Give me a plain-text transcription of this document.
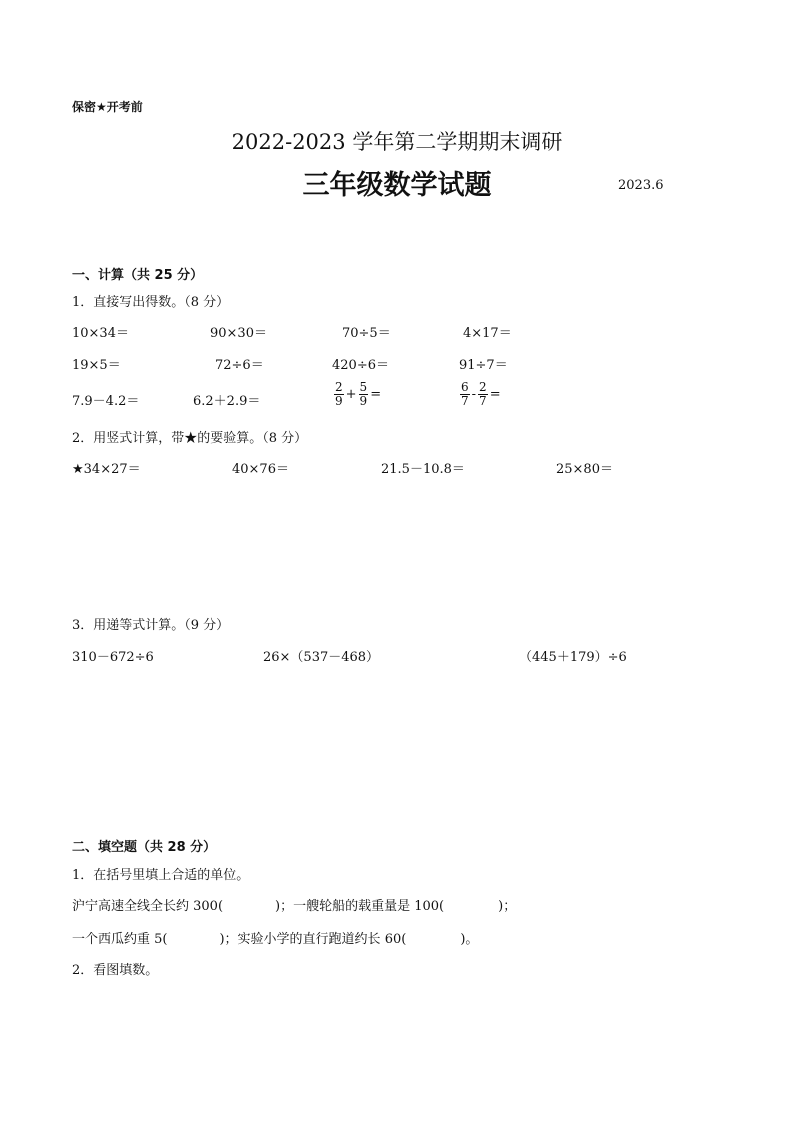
保密★开考前
2022-2023 学年第二学期期末调研
三年级数学试题	2023.6
一、计算（共 25 分）
1．直接写出得数。（8 分）
10×34＝	90×30＝	70÷5＝	4×17＝
19×5＝	72÷6＝	420÷6＝	91÷7＝
7.9－4.2＝	6.2＋2.9＝	$\frac{2}{9} + \frac{5}{9}$ =	$\frac{6}{7} - \frac{2}{7}$ =
2．用竖式计算，带★的要验算。（8 分）
★34×27＝	40×76＝	21.5－10.8＝	25×80＝
3．用递等式计算。（9 分）
310－672÷6	26×（537－468）	（445＋179）÷6
二、填空题（共 28 分）
1．在括号里填上合适的单位。
沪宁高速全线全长约 300(	)；一艘轮船的载重量是 100(	)；
一个西瓜约重 5(	)；实验小学的直行跑道约长 60(	)。
2．看图填数。
